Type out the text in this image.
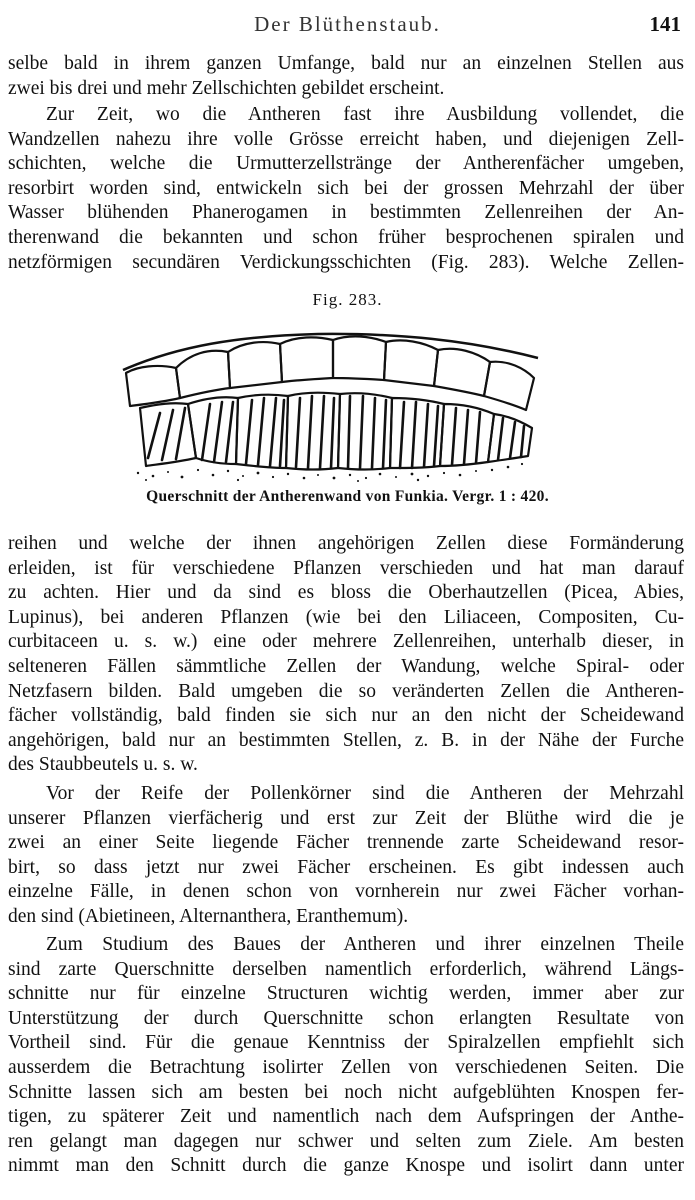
Der Blüthenstaub.	141

selbe bald in ihrem ganzen Umfange, bald nur an einzelnen Stellen aus
zwei bis drei und mehr Zellschichten gebildet erscheint.

Zur Zeit, wo die Antheren fast ihre Ausbildung vollendet, die
Wandzellen nahezu ihre volle Grösse erreicht haben, und diejenigen Zell-
schichten, welche die Urmutterzellstränge der Antherenfächer umgeben,
resorbirt worden sind, entwickeln sich bei der grossen Mehrzahl der über
Wasser blühenden Phanerogamen in bestimmten Zellenreihen der An-
therenwand die bekannten und schon früher besprochenen spiralen und
netzförmigen secundären Verdickungsschichten (Fig. 283). Welche Zellen-

Fig. 283.
Querschnitt der Antherenwand von Funkia. Vergr. 1 : 420.

reihen und welche der ihnen angehörigen Zellen diese Formänderung
erleiden, ist für verschiedene Pflanzen verschieden und hat man darauf
zu achten. Hier und da sind es bloss die Oberhautzellen (Picea, Abies,
Lupinus), bei anderen Pflanzen (wie bei den Liliaceen, Compositen, Cu-
curbitaceen u. s. w.) eine oder mehrere Zellenreihen, unterhalb dieser, in
selteneren Fällen sämmtliche Zellen der Wandung, welche Spiral- oder
Netzfasern bilden. Bald umgeben die so veränderten Zellen die Antheren-
fächer vollständig, bald finden sie sich nur an den nicht der Scheidewand
angehörigen, bald nur an bestimmten Stellen, z. B. in der Nähe der Furche
des Staubbeutels u. s. w.

Vor der Reife der Pollenkörner sind die Antheren der Mehrzahl
unserer Pflanzen vierfächerig und erst zur Zeit der Blüthe wird die je
zwei an einer Seite liegende Fächer trennende zarte Scheidewand resor-
birt, so dass jetzt nur zwei Fächer erscheinen. Es gibt indessen auch
einzelne Fälle, in denen schon von vornherein nur zwei Fächer vorhan-
den sind (Abietineen, Alternanthera, Eranthemum).

Zum Studium des Baues der Antheren und ihrer einzelnen Theile
sind zarte Querschnitte derselben namentlich erforderlich, während Längs-
schnitte nur für einzelne Structuren wichtig werden, immer aber zur
Unterstützung der durch Querschnitte schon erlangten Resultate von
Vortheil sind. Für die genaue Kenntniss der Spiralzellen empfiehlt sich
ausserdem die Betrachtung isolirter Zellen von verschiedenen Seiten. Die
Schnitte lassen sich am besten bei noch nicht aufgeblühten Knospen fer-
tigen, zu späterer Zeit und namentlich nach dem Aufspringen der Anthe-
ren gelangt man dagegen nur schwer und selten zum Ziele. Am besten
nimmt man den Schnitt durch die ganze Knospe und isolirt dann unter
